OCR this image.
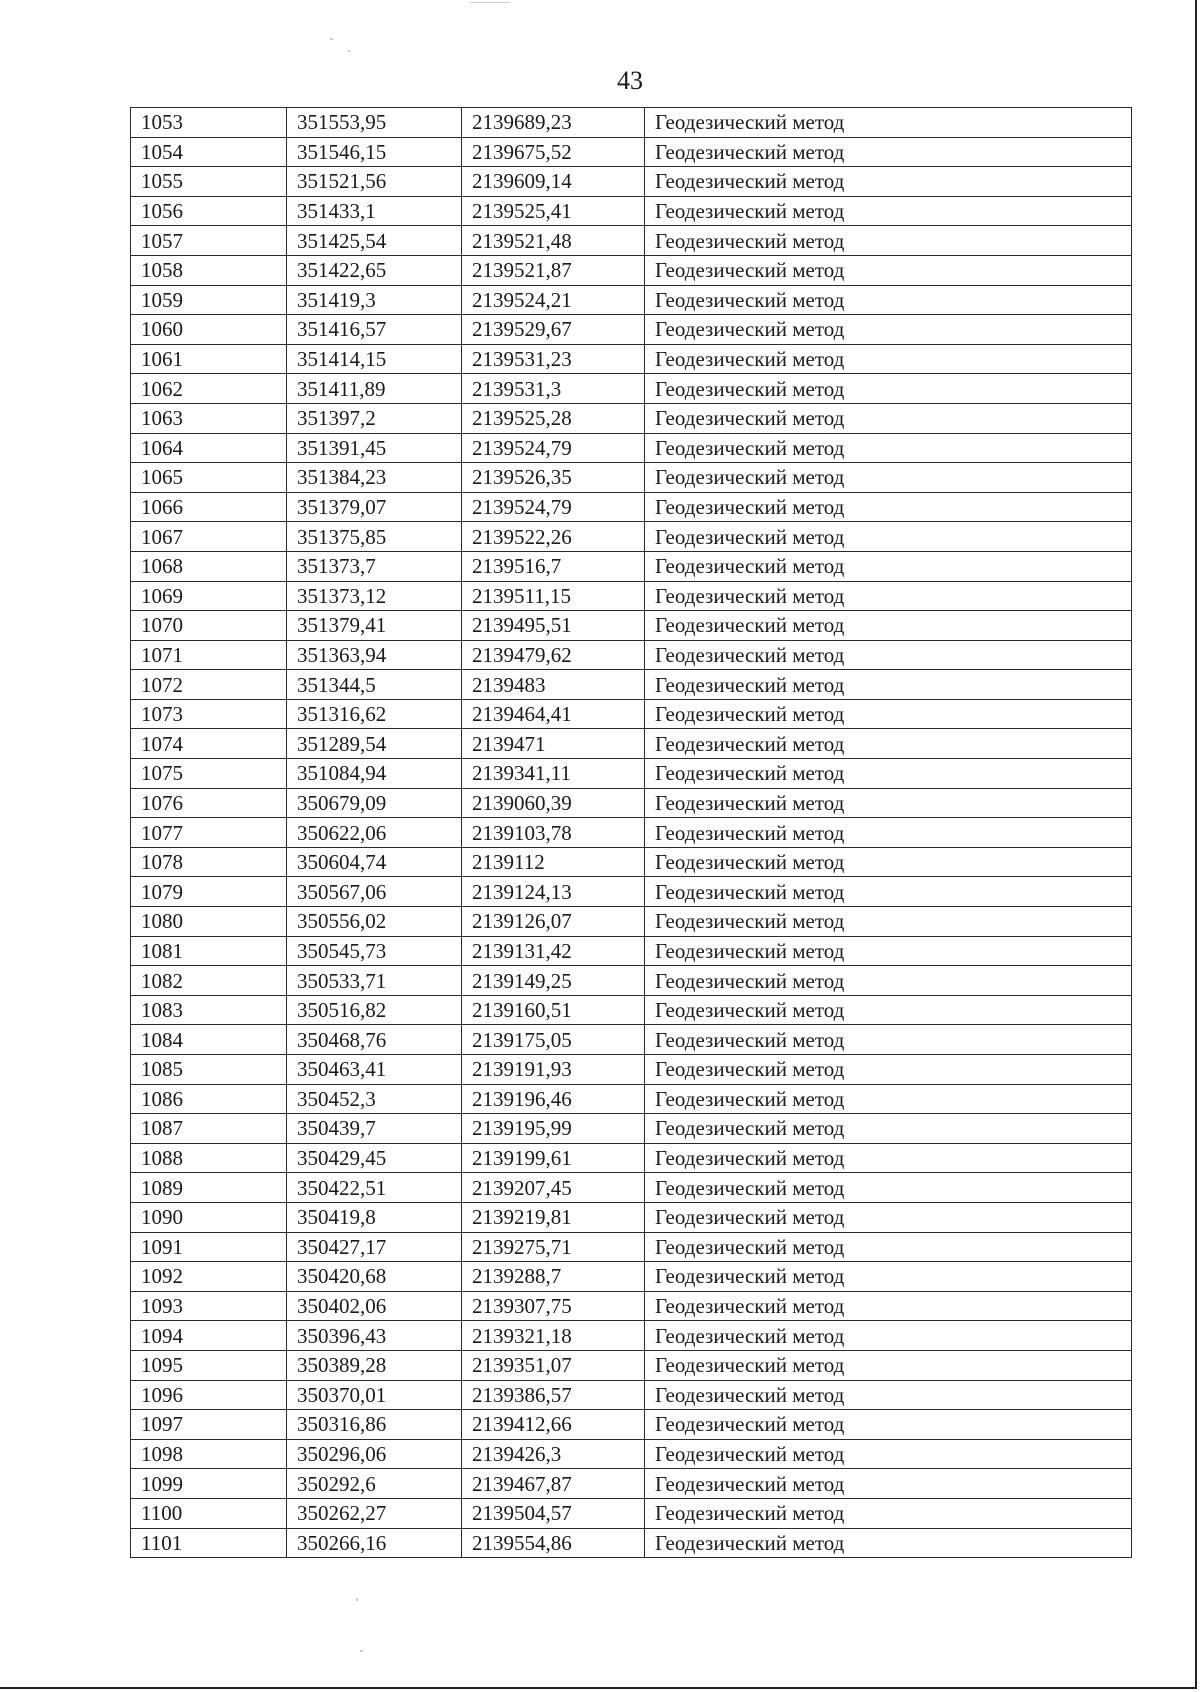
43
1053	351553,95	2139689,23	Геодезический метод
1054	351546,15	2139675,52	Геодезический метод
1055	351521,56	2139609,14	Геодезический метод
1056	351433,1	2139525,41	Геодезический метод
1057	351425,54	2139521,48	Геодезический метод
1058	351422,65	2139521,87	Геодезический метод
1059	351419,3	2139524,21	Геодезический метод
1060	351416,57	2139529,67	Геодезический метод
1061	351414,15	2139531,23	Геодезический метод
1062	351411,89	2139531,3	Геодезический метод
1063	351397,2	2139525,28	Геодезический метод
1064	351391,45	2139524,79	Геодезический метод
1065	351384,23	2139526,35	Геодезический метод
1066	351379,07	2139524,79	Геодезический метод
1067	351375,85	2139522,26	Геодезический метод
1068	351373,7	2139516,7	Геодезический метод
1069	351373,12	2139511,15	Геодезический метод
1070	351379,41	2139495,51	Геодезический метод
1071	351363,94	2139479,62	Геодезический метод
1072	351344,5	2139483	Геодезический метод
1073	351316,62	2139464,41	Геодезический метод
1074	351289,54	2139471	Геодезический метод
1075	351084,94	2139341,11	Геодезический метод
1076	350679,09	2139060,39	Геодезический метод
1077	350622,06	2139103,78	Геодезический метод
1078	350604,74	2139112	Геодезический метод
1079	350567,06	2139124,13	Геодезический метод
1080	350556,02	2139126,07	Геодезический метод
1081	350545,73	2139131,42	Геодезический метод
1082	350533,71	2139149,25	Геодезический метод
1083	350516,82	2139160,51	Геодезический метод
1084	350468,76	2139175,05	Геодезический метод
1085	350463,41	2139191,93	Геодезический метод
1086	350452,3	2139196,46	Геодезический метод
1087	350439,7	2139195,99	Геодезический метод
1088	350429,45	2139199,61	Геодезический метод
1089	350422,51	2139207,45	Геодезический метод
1090	350419,8	2139219,81	Геодезический метод
1091	350427,17	2139275,71	Геодезический метод
1092	350420,68	2139288,7	Геодезический метод
1093	350402,06	2139307,75	Геодезический метод
1094	350396,43	2139321,18	Геодезический метод
1095	350389,28	2139351,07	Геодезический метод
1096	350370,01	2139386,57	Геодезический метод
1097	350316,86	2139412,66	Геодезический метод
1098	350296,06	2139426,3	Геодезический метод
1099	350292,6	2139467,87	Геодезический метод
1100	350262,27	2139504,57	Геодезический метод
1101	350266,16	2139554,86	Геодезический метод
